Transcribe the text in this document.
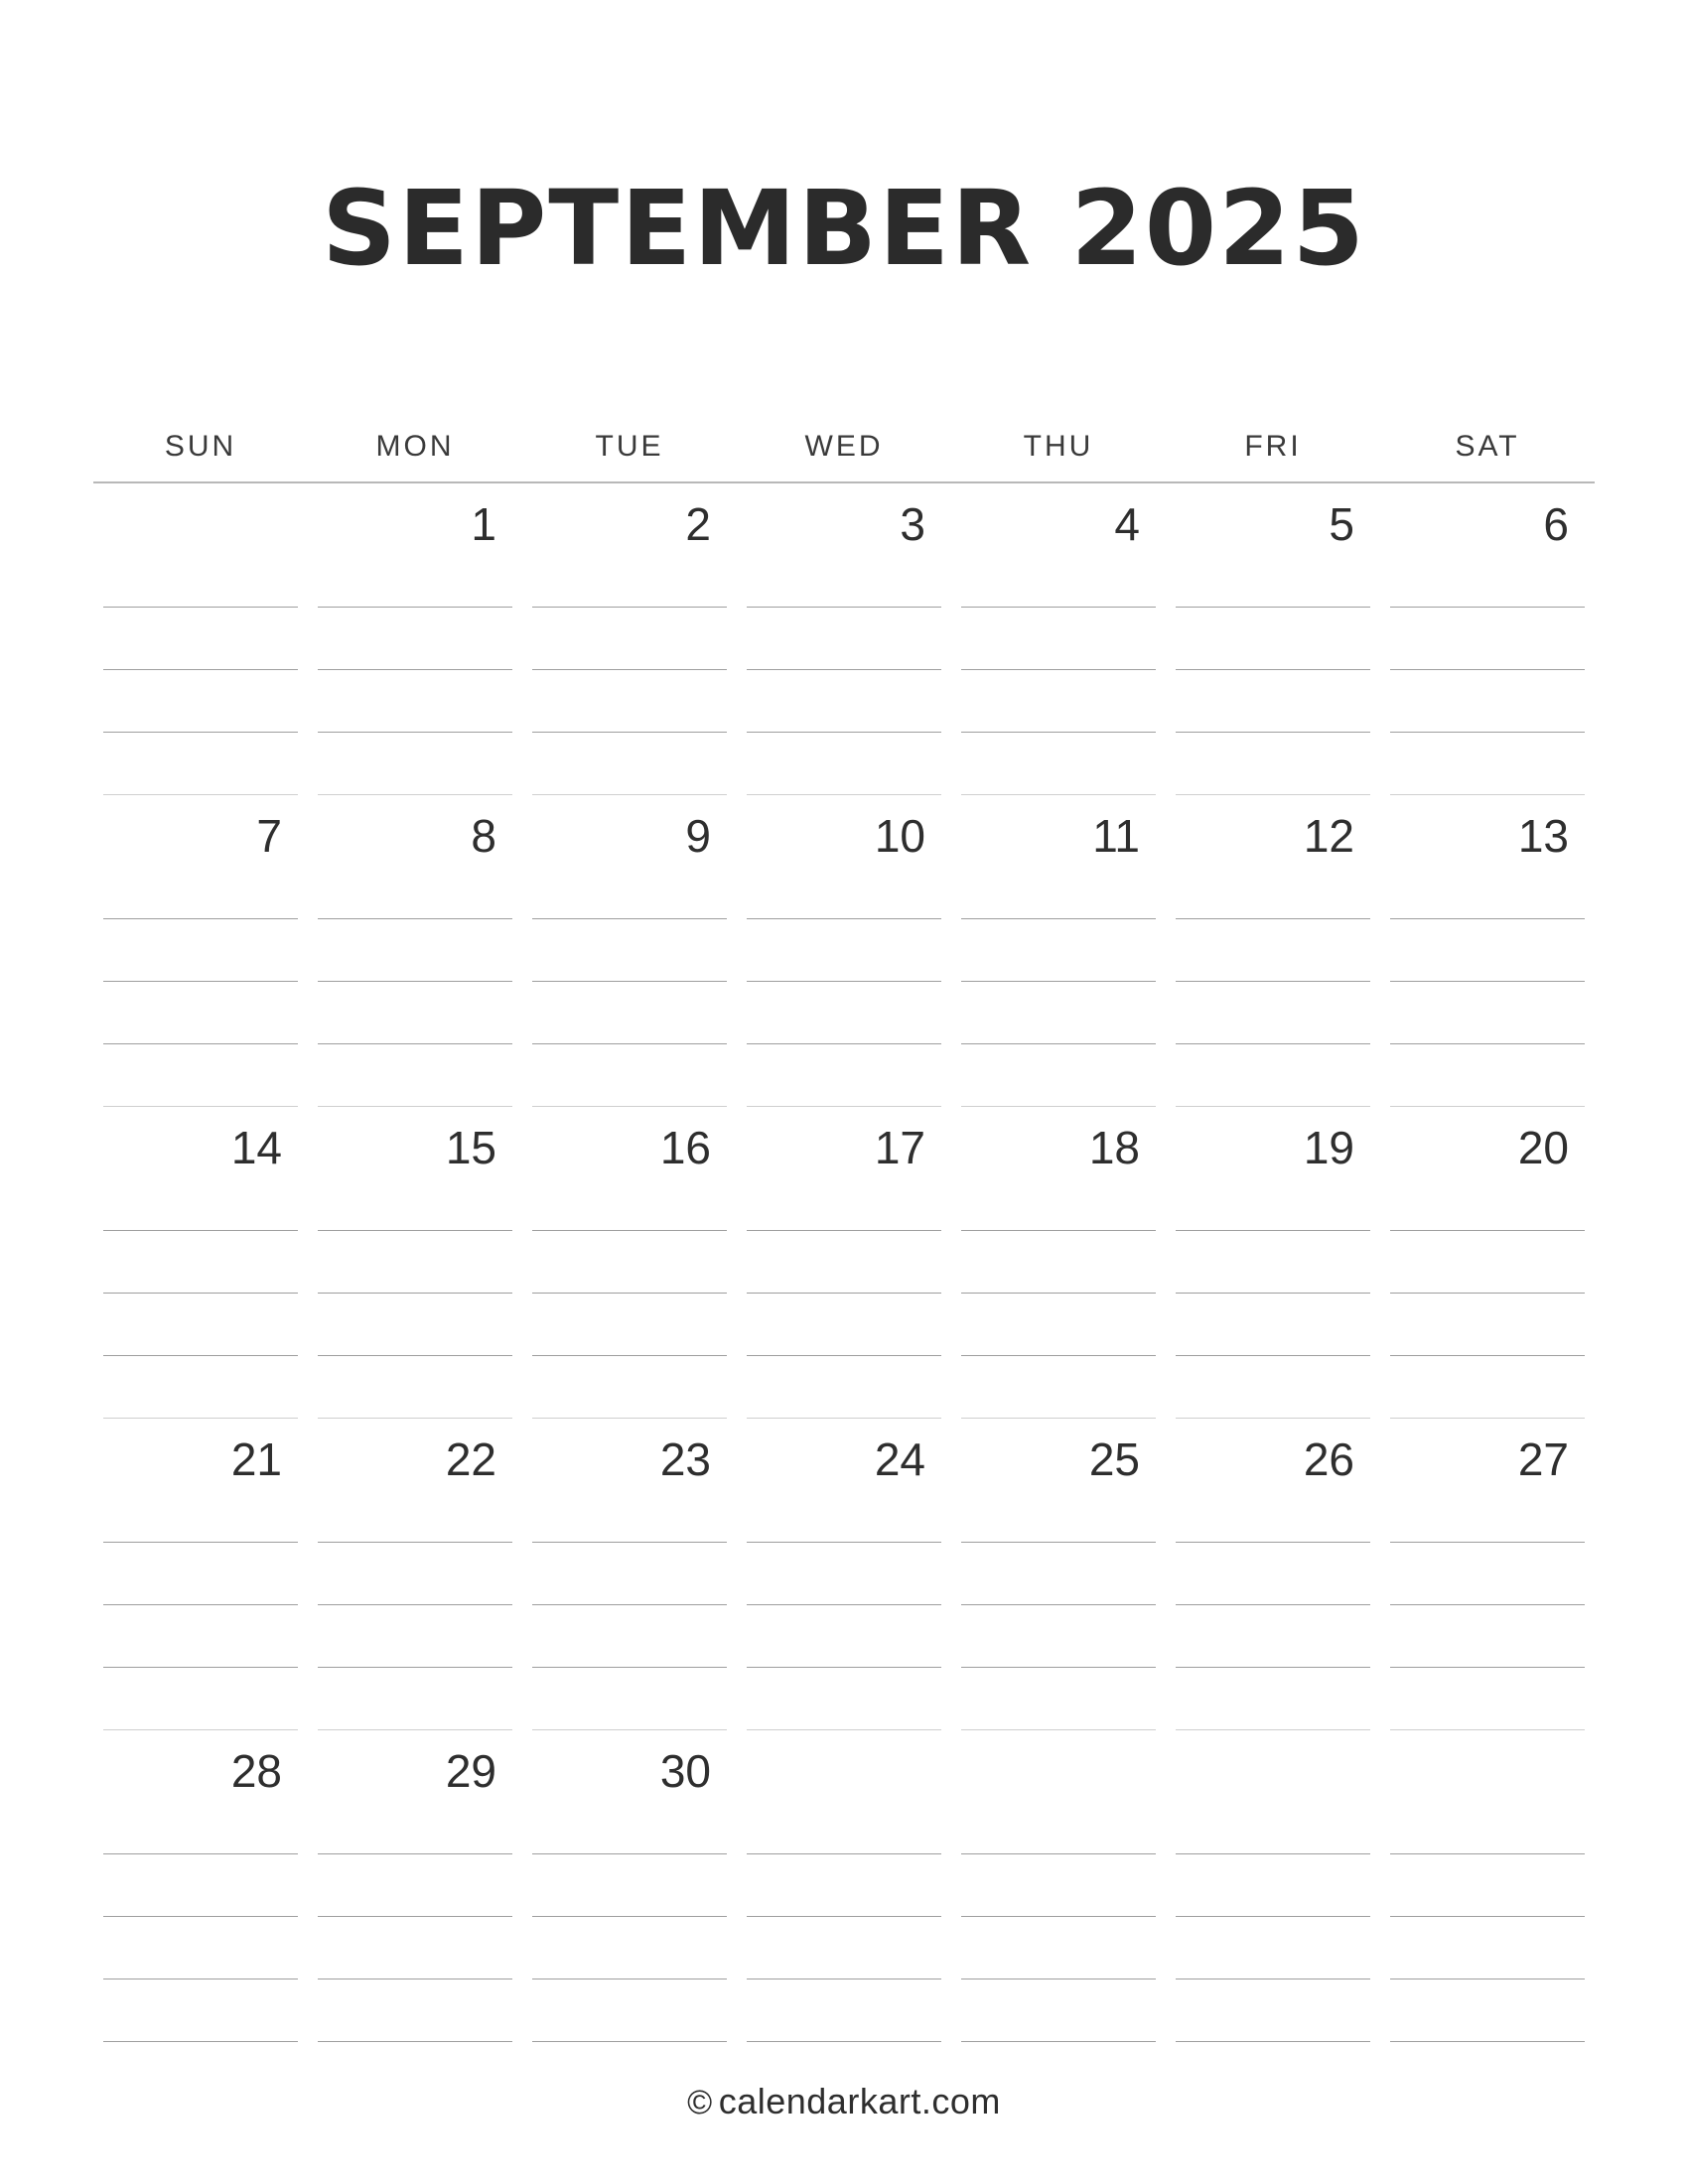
SEPTEMBER 2025
SUN	MON	TUE	WED	THU	FRI	SAT

	1	2	3	4	5	6

7	8	9	10	11	12	13

14	15	16	17	18	19	20

21	22	23	24	25	26	27

28	29	30				

© calendarkart.com
